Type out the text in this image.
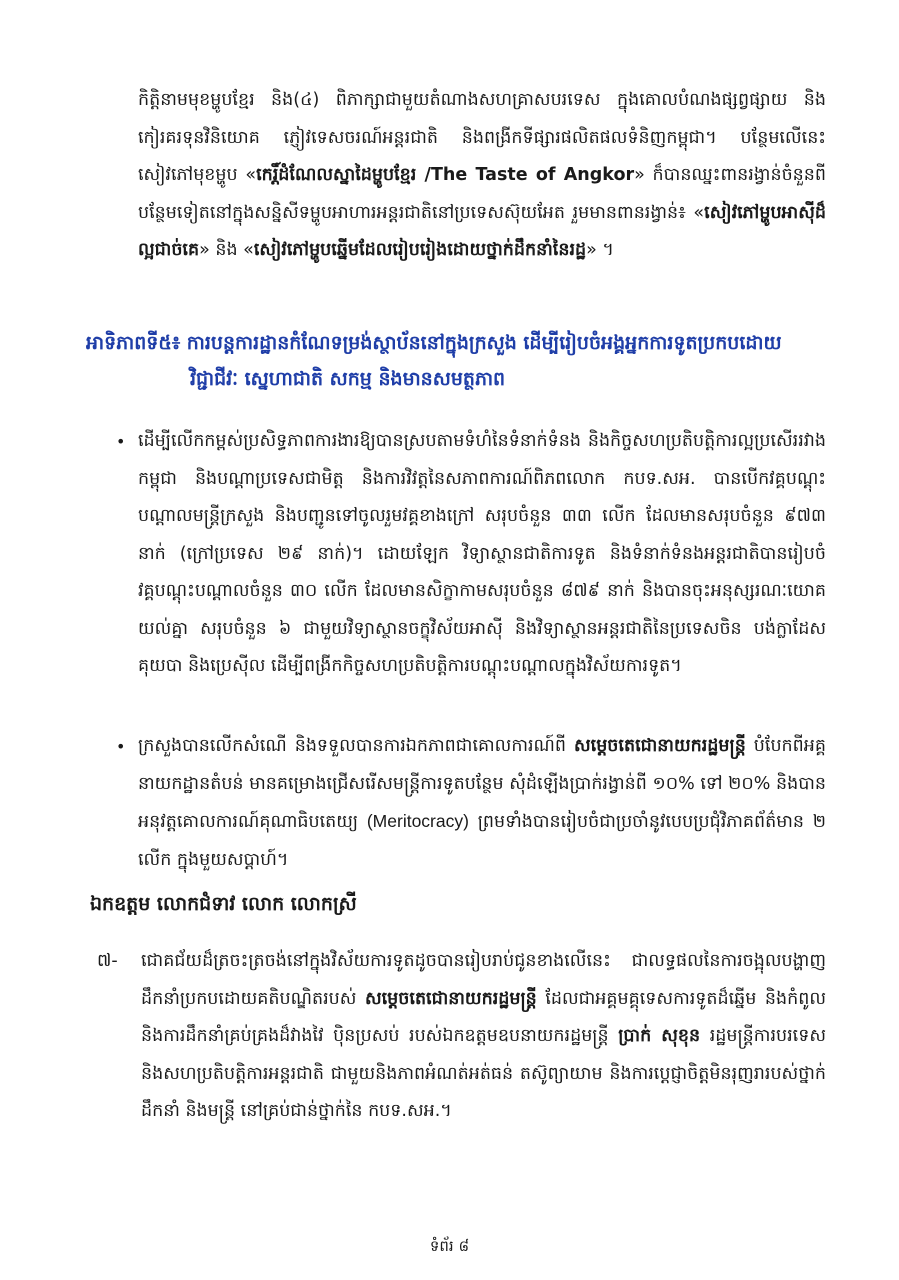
កិត្តិនាមមុខម្ហូបខ្មែរ និង(៤) ពិភាក្សាជាមួយតំណាងសហគ្រាសបរទេស ក្នុងគោលបំណងផ្សព្វផ្សាយ និងកៀរគរទុនវិនិយោគ ភ្ញៀវទេសចរណ៍អន្តរជាតិ និងពង្រីកទីផ្សារផលិតផលទំនិញកម្ពុជា។ បន្ថែមលើនេះ សៀវភៅមុខម្ហូប «កេរ្តិ៍ដំណែលស្នាដៃម្ហូបខ្មែរ /The Taste of Angkor» ក៏បានឈ្នះពានរង្វាន់ចំនួនពីបន្ថែមទៀតនៅក្នុងសន្និសីទម្ហូបអាហារអន្តរជាតិនៅប្រទេសស៊ុយអែត រួមមានពានរង្វាន់៖ «សៀវភៅម្ហូបអាស៊ីដ៏ល្អជាច់គេ» និង «សៀវភៅម្ហូបឆ្នើមដែលរៀបរៀងដោយថ្នាក់ដឹកនាំនៃរដ្ឋ» ។

អាទិភាពទី៥៖ ការបន្តការដ្ឋានកំណែទម្រង់ស្ថាប័ននៅក្នុងក្រសួង ដើម្បីរៀបចំអង្គអ្នកការទូតប្រកបដោយ
វិជ្ជាជីវៈ ស្នេហាជាតិ សកម្ម និងមានសមត្ថភាព
• ដើម្បីលើកកម្ពស់ប្រសិទ្ធភាពការងារឱ្យបានស្របតាមទំហំនៃទំនាក់ទំនង និងកិច្ចសហប្រតិបត្តិការល្អប្រសើររវាងកម្ពុជា និងបណ្តាប្រទេសជាមិត្ត និងការវិវត្តនៃសភាពការណ៍ពិភពលោក កបទ.សអ. បានបើកវគ្គបណ្តុះបណ្តាលមន្ត្រីក្រសួង និងបញ្ជូនទៅចូលរួមវគ្គខាងក្រៅ សរុបចំនួន ៣៣ លើក ដែលមានសរុបចំនួន ៩៧៣ នាក់ (ក្រៅប្រទេស ២៩ នាក់)។ ដោយឡែក វិទ្យាស្ថានជាតិការទូត និងទំនាក់ទំនងអន្តរជាតិបានរៀបចំវគ្គបណ្តុះបណ្តាលចំនួន ៣០ លើក ដែលមានសិក្ខាកាមសរុបចំនួន ៨៧៩ នាក់ និងបានចុះអនុស្សរណៈយោគយល់គ្នា សរុបចំនួន ៦ ជាមួយវិទ្យាស្ថានចក្ខុវិស័យអាស៊ី និងវិទ្យាស្ថានអន្តរជាតិនៃប្រទេសចិន បង់ក្លាដែស គុយបា និងប្រេស៊ីល ដើម្បីពង្រីកកិច្ចសហប្រតិបត្តិការបណ្តុះបណ្តាលក្នុងវិស័យការទូត។

• ក្រសួងបានលើកសំណើ និងទទួលបានការឯកភាពជាគោលការណ៍ពី សម្តេចតេជោនាយករដ្ឋមន្ត្រី បំបែកពីអគ្គនាយកដ្ឋានតំបន់ មានគម្រោងជ្រើសរើសមន្ត្រីការទូតបន្ថែម សុំដំឡើងប្រាក់រង្វាន់ពី ១០% ទៅ ២០% និងបានអនុវត្តគោលការណ៍គុណាធិបតេយ្យ (Meritocracy) ព្រមទាំងបានរៀបចំជាប្រចាំនូវបេបប្រជុំវិភាគព័ត៌មាន ២ លើក ក្នុងមួយសប្តាហ៍។

ឯកឧត្តម លោកជំទាវ លោក លោកស្រី
៧-	ជោគជ័យដ៏ត្រចះត្រចង់នៅក្នុងវិស័យការទូតដូចបានរៀបរាប់ជូនខាងលើនេះ ជាលទ្ធផលនៃការចង្អុលបង្ហាញដឹកនាំប្រកបដោយគតិបណ្ឌិតរបស់ សម្តេចតេជោនាយករដ្ឋមន្ត្រី ដែលជាអគ្គមគ្គុទេសការទូតដ៏ឆ្នើម និងកំពូល និងការដឹកនាំគ្រប់គ្រងដ៏វាងវៃ ប៉ិនប្រសប់ របស់ឯកឧត្តមឧបនាយករដ្ឋមន្ត្រី ប្រាក់ សុខុន រដ្ឋមន្ត្រីការបរទេស និងសហប្រតិបត្តិការអន្តរជាតិ ជាមួយនិងភាពអំណត់អត់ធន់ តស៊ូព្យាយាម និងការប្តេជ្ញាចិត្តមិនរុញរារបស់ថ្នាក់ដឹកនាំ និងមន្ត្រី នៅគ្រប់ជាន់ថ្នាក់នៃ កបទ.សអ.។

ទំព័រ ៨
